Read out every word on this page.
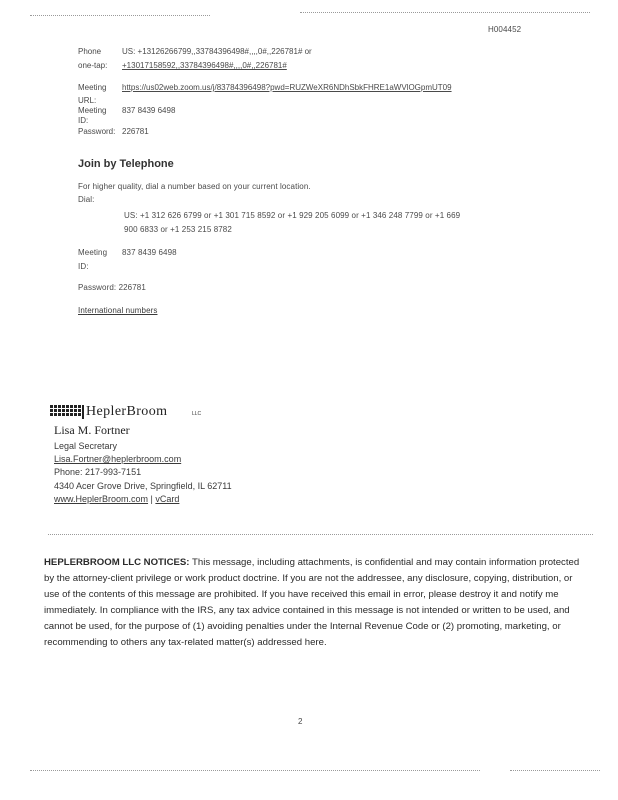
H004452
Phone	US: +13126266799,,33784396498#,,,,0#,,226781# or
one-tap: +13017158592,,33784396498#,,,,0#,,226781#
Meeting https://us02web.zoom.us/j/83784396498?pwd=RUZWeXR6NDhSbkFHRE1aWVlOGpmUT09
URL:
Meeting 837 8439 6498
ID:
Password: 226781
Join by Telephone
For higher quality, dial a number based on your current location.
Dial:
US: +1 312 626 6799 or +1 301 715 8592 or +1 929 205 6099 or +1 346 248 7799 or +1 669
900 6833 or +1 253 215 8782
Meeting 837 8439 6498
ID:
Password: 226781
International numbers
HeplerBroom	LLC
Lisa M. Fortner
Legal Secretary
Lisa.Fortner@heplerbroom.com
Phone: 217-993-7151
4340 Acer Grove Drive, Springfield, IL 62711
www.HeplerBroom.com | vCard
HEPLERBROOM LLC NOTICES: This message, including attachments, is confidential and may contain information protected by the attorney-client privilege or work product doctrine. If you are not the addressee, any disclosure, copying, distribution, or use of the contents of this message are prohibited. If you have received this email in error, please destroy it and notify me immediately. In compliance with the IRS, any tax advice contained in this message is not intended or written to be used, and cannot be used, for the purpose of (1) avoiding penalties under the Internal Revenue Code or (2) promoting, marketing, or recommending to others any tax-related matter(s) addressed here.
2
